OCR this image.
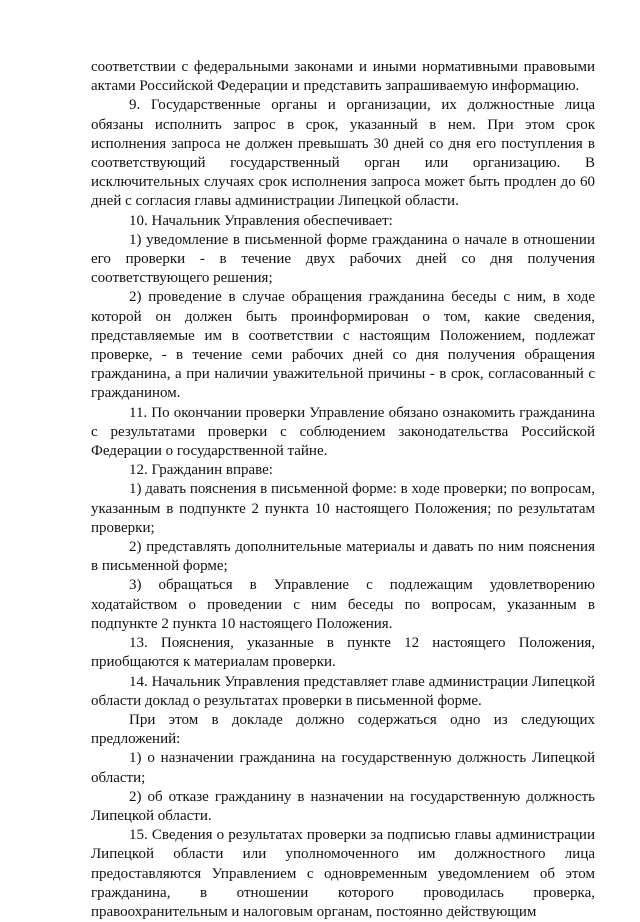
соответствии с федеральными законами и иными нормативными правовыми актами Российской Федерации и представить запрашиваемую информацию.

9. Государственные органы и организации, их должностные лица обязаны исполнить запрос в срок, указанный в нем. При этом срок исполнения запроса не должен превышать 30 дней со дня его поступления в соответствующий государственный орган или организацию. В исключительных случаях срок исполнения запроса может быть продлен до 60 дней с согласия главы администрации Липецкой области.

10. Начальник Управления обеспечивает:

1) уведомление в письменной форме гражданина о начале в отношении его проверки - в течение двух рабочих дней со дня получения соответствующего решения;

2) проведение в случае обращения гражданина беседы с ним, в ходе которой он должен быть проинформирован о том, какие сведения, представляемые им в соответствии с настоящим Положением, подлежат проверке, - в течение семи рабочих дней со дня получения обращения гражданина, а при наличии уважительной причины - в срок, согласованный с гражданином.

11. По окончании проверки Управление обязано ознакомить гражданина с результатами проверки с соблюдением законодательства Российской Федерации о государственной тайне.

12. Гражданин вправе:

1) давать пояснения в письменной форме: в ходе проверки; по вопросам, указанным в подпункте 2 пункта 10 настоящего Положения; по результатам проверки;

2) представлять дополнительные материалы и давать по ним пояснения в письменной форме;

3) обращаться в Управление с подлежащим удовлетворению ходатайством о проведении с ним беседы по вопросам, указанным в подпункте 2 пункта 10 настоящего Положения.

13. Пояснения, указанные в пункте 12 настоящего Положения, приобщаются к материалам проверки.

14. Начальник Управления представляет главе администрации Липецкой области доклад о результатах проверки в письменной форме.

При этом в докладе должно содержаться одно из следующих предложений:

1) о назначении гражданина на государственную должность Липецкой области;

2) об отказе гражданину в назначении на государственную должность Липецкой области.

15. Сведения о результатах проверки за подписью главы администрации Липецкой области или уполномоченного им должностного лица предоставляются Управлением с одновременным уведомлением об этом гражданина, в отношении которого проводилась проверка, правоохранительным и налоговым органам, постоянно действующим
